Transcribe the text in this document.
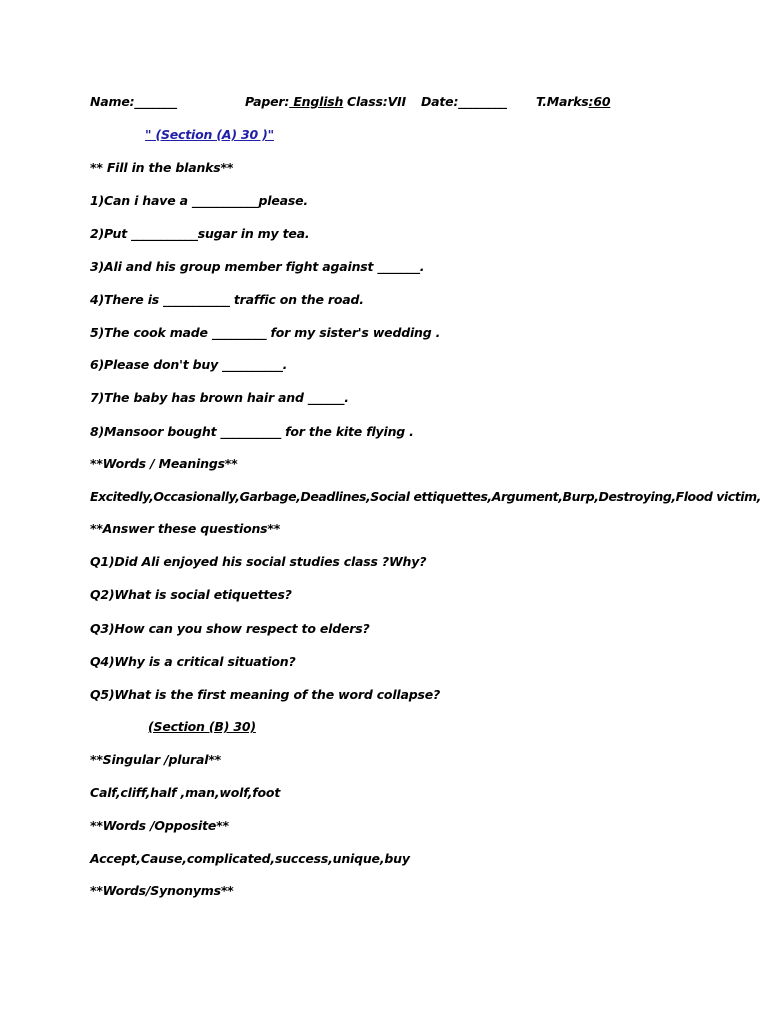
Name:_______	Paper: English Class:VII Date:________ T.Marks:60
" (Section (A) 30 )"
** Fill in the blanks**
1)Can i have a ___________please.
2)Put ___________sugar in my tea.
3)Ali and his group member fight against _______.
4)There is ___________ traffic on the road.
5)The cook made _________ for my sister's wedding .
6)Please don't buy __________.
7)The baby has brown hair and ______.
8)Mansoor bought __________ for the kite flying .
**Words / Meanings**
Excitedly,Occasionally,Garbage,Deadlines,Social ettiquettes,Argument,Burp,Destroying,Flood victim,
**Answer these questions**
Q1)Did Ali enjoyed his social studies class ?Why?
Q2)What is social etiquettes?
Q3)How can you show respect to elders?
Q4)Why is a critical situation?
Q5)What is the first meaning of the word collapse?
(Section (B) 30)
**Singular /plural**
Calf,cliff,half ,man,wolf,foot
**Words /Opposite**
Accept,Cause,complicated,success,unique,buy
**Words/Synonyms**
